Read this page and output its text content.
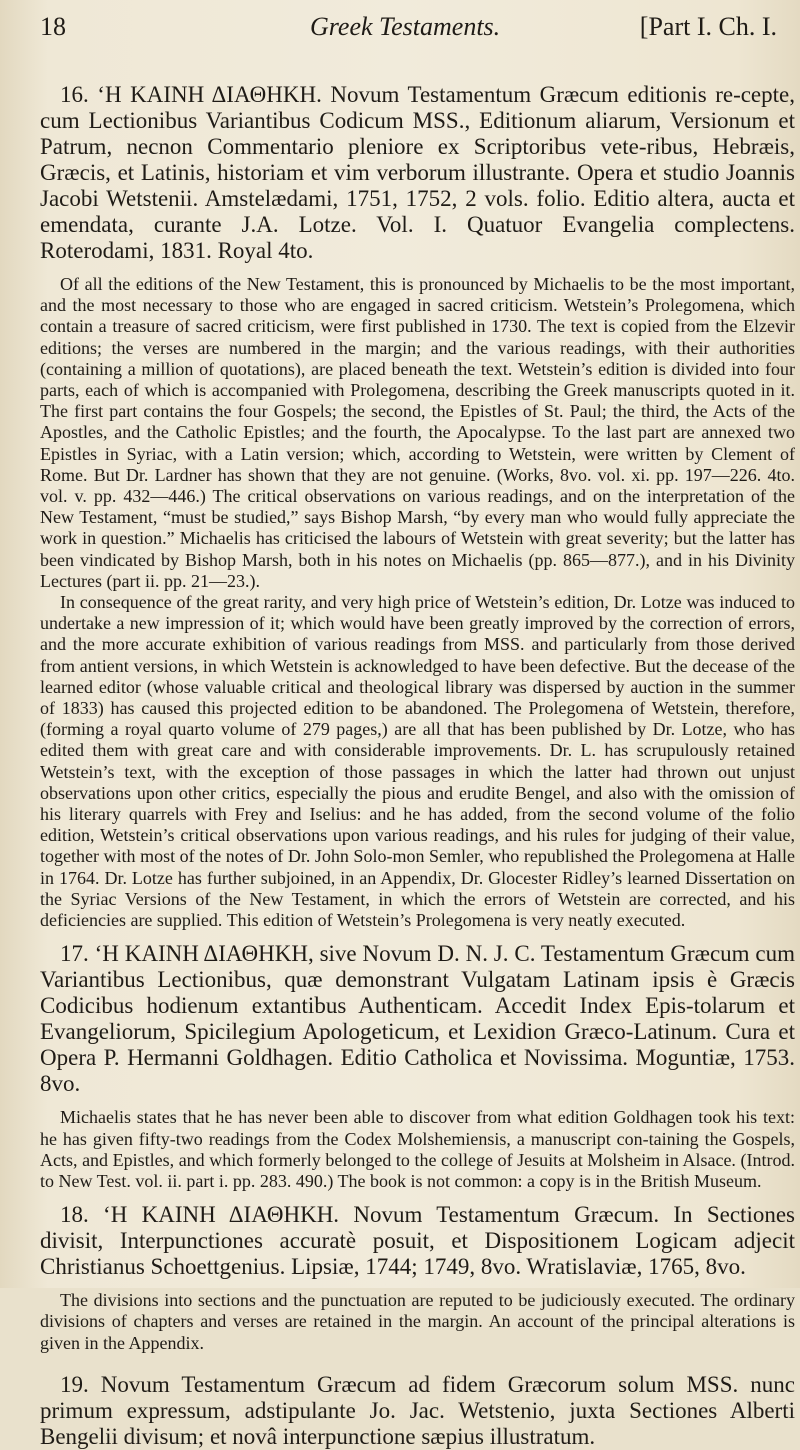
18	Greek Testaments.	[Part I. Ch. I.

16. ‘Η ΚΑΙΝΗ ΔΙΑΘΗΚΗ. Novum Testamentum Græcum editionis re-cepte, cum Lectionibus Variantibus Codicum MSS., Editionum aliarum, Versionum et Patrum, necnon Commentario pleniore ex Scriptoribus vete-ribus, Hebræis, Græcis, et Latinis, historiam et vim verborum illustrante. Opera et studio Joannis Jacobi Wetstenii. Amstelædami, 1751, 1752, 2 vols. folio. Editio altera, aucta et emendata, curante J.A. Lotze. Vol. I. Quatuor Evangelia complectens. Roterodami, 1831. Royal 4to.

Of all the editions of the New Testament, this is pronounced by Michaelis to be the most important, and the most necessary to those who are engaged in sacred criticism. Wetstein’s Prolegomena, which contain a treasure of sacred criticism, were first published in 1730. The text is copied from the Elzevir editions; the verses are numbered in the margin; and the various readings, with their authorities (containing a million of quotations), are placed beneath the text. Wetstein’s edition is divided into four parts, each of which is accompanied with Prolegomena, describing the Greek manuscripts quoted in it. The first part contains the four Gospels; the second, the Epistles of St. Paul; the third, the Acts of the Apostles, and the Catholic Epistles; and the fourth, the Apocalypse. To the last part are annexed two Epistles in Syriac, with a Latin version; which, according to Wetstein, were written by Clement of Rome. But Dr. Lardner has shown that they are not genuine. (Works, 8vo. vol. xi. pp. 197—226. 4to. vol. v. pp. 432—446.) The critical observations on various readings, and on the interpretation of the New Testament, “must be studied,” says Bishop Marsh, “by every man who would fully appreciate the work in question.” Michaelis has criticised the labours of Wetstein with great severity; but the latter has been vindicated by Bishop Marsh, both in his notes on Michaelis (pp. 865—877.), and in his Divinity Lectures (part ii. pp. 21—23.).

In consequence of the great rarity, and very high price of Wetstein’s edition, Dr. Lotze was induced to undertake a new impression of it; which would have been greatly improved by the correction of errors, and the more accurate exhibition of various readings from MSS. and particularly from those derived from antient versions, in which Wetstein is acknowledged to have been defective. But the decease of the learned editor (whose valuable critical and theological library was dispersed by auction in the summer of 1833) has caused this projected edition to be abandoned. The Prolegomena of Wetstein, therefore, (forming a royal quarto volume of 279 pages,) are all that has been published by Dr. Lotze, who has edited them with great care and with considerable improvements. Dr. L. has scrupulously retained Wetstein’s text, with the exception of those passages in which the latter had thrown out unjust observations upon other critics, especially the pious and erudite Bengel, and also with the omission of his literary quarrels with Frey and Iselius: and he has added, from the second volume of the folio edition, Wetstein’s critical observations upon various readings, and his rules for judging of their value, together with most of the notes of Dr. John Solo-mon Semler, who republished the Prolegomena at Halle in 1764. Dr. Lotze has further subjoined, in an Appendix, Dr. Glocester Ridley’s learned Dissertation on the Syriac Versions of the New Testament, in which the errors of Wetstein are corrected, and his deficiencies are supplied. This edition of Wetstein’s Prolegomena is very neatly executed.

17. ‘Η ΚΑΙΝΗ ΔΙΑΘΗΚΗ, sive Novum D. N. J. C. Testamentum Græcum cum Variantibus Lectionibus, quæ demonstrant Vulgatam Latinam ipsis è Græcis Codicibus hodienum extantibus Authenticam. Accedit Index Epis-tolarum et Evangeliorum, Spicilegium Apologeticum, et Lexidion Græco-Latinum. Cura et Opera P. Hermanni Goldhagen. Editio Catholica et Novissima. Moguntiæ, 1753. 8vo.

Michaelis states that he has never been able to discover from what edition Goldhagen took his text: he has given fifty-two readings from the Codex Molshemiensis, a manuscript con-taining the Gospels, Acts, and Epistles, and which formerly belonged to the college of Jesuits at Molsheim in Alsace. (Introd. to New Test. vol. ii. part i. pp. 283. 490.) The book is not common: a copy is in the British Museum.

18. ‘Η ΚΑΙΝΗ ΔΙΑΘΗΚΗ. Novum Testamentum Græcum. In Sectiones divisit, Interpunctiones accuratè posuit, et Dispositionem Logicam adjecit Christianus Schoettgenius. Lipsiæ, 1744; 1749, 8vo. Wratislaviæ, 1765, 8vo.

The divisions into sections and the punctuation are reputed to be judiciously executed. The ordinary divisions of chapters and verses are retained in the margin. An account of the principal alterations is given in the Appendix.

19. Novum Testamentum Græcum ad fidem Græcorum solum MSS. nunc primum expressum, adstipulante Jo. Jac. Wetstenio, juxta Sectiones Alberti Bengelii divisum; et novâ interpunctione sæpius illustratum.
